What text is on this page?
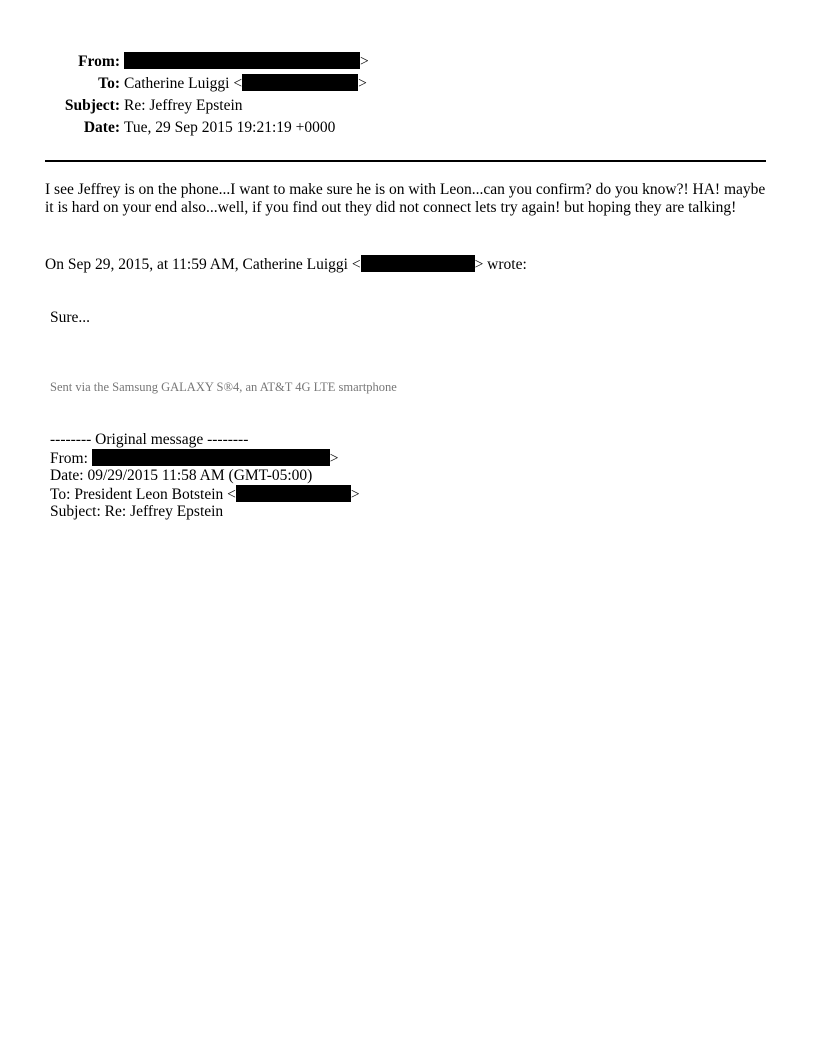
From:	>
To: Catherine Luiggi <	>
Subject: Re: Jeffrey Epstein
Date: Tue, 29 Sep 2015 19:21:19 +0000
I see Jeffrey is on the phone...I want to make sure he is on with Leon...can you confirm? do you know?! HA! maybe it is hard on your end also...well, if you find out they did not connect lets try again! but hoping they are talking!
On Sep 29, 2015, at 11:59 AM, Catherine Luiggi <	> wrote:
Sure...
Sent via the Samsung GALAXY S®4, an AT&T 4G LTE smartphone
-------- Original message --------
From:	>
Date: 09/29/2015 11:58 AM (GMT-05:00)
To: President Leon Botstein <	>
Subject: Re: Jeffrey Epstein
